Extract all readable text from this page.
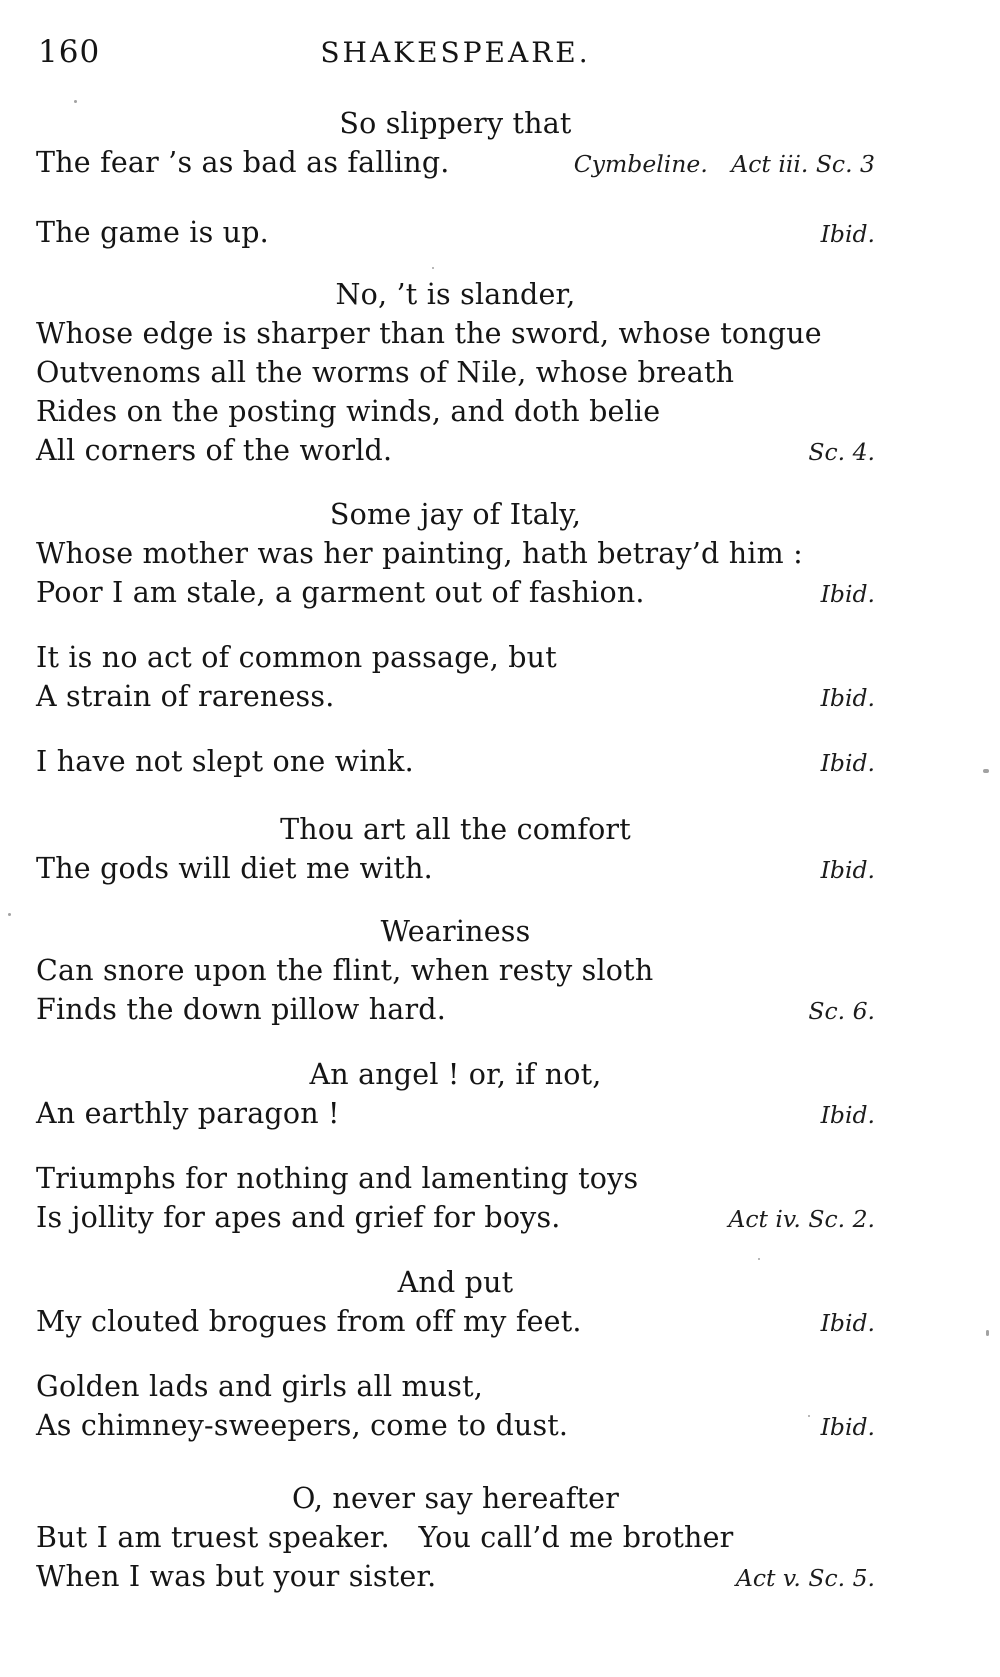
160	SHAKESPEARE.
So slippery that
The fear ’s as bad as falling.	Cymbeline. Act iii. Sc. 3
The game is up.	Ibid.
No, ’t is slander,
Whose edge is sharper than the sword, whose tongue
Outvenoms all the worms of Nile, whose breath
Rides on the posting winds, and doth belie
All corners of the world.	Sc. 4.
Some jay of Italy,
Whose mother was her painting, hath betray’d him :
Poor I am stale, a garment out of fashion.	Ibid.
It is no act of common passage, but
A strain of rareness.	Ibid.
I have not slept one wink.	Ibid.
Thou art all the comfort
The gods will diet me with.	Ibid.
Weariness
Can snore upon the flint, when resty sloth
Finds the down pillow hard.	Sc. 6.
An angel ! or, if not,
An earthly paragon !	Ibid.
Triumphs for nothing and lamenting toys
Is jollity for apes and grief for boys.	Act iv. Sc. 2.
And put
My clouted brogues from off my feet.	Ibid.
Golden lads and girls all must,
As chimney-sweepers, come to dust.	Ibid.
O, never say hereafter
But I am truest speaker. You call’d me brother
When I was but your sister.	Act v. Sc. 5.
